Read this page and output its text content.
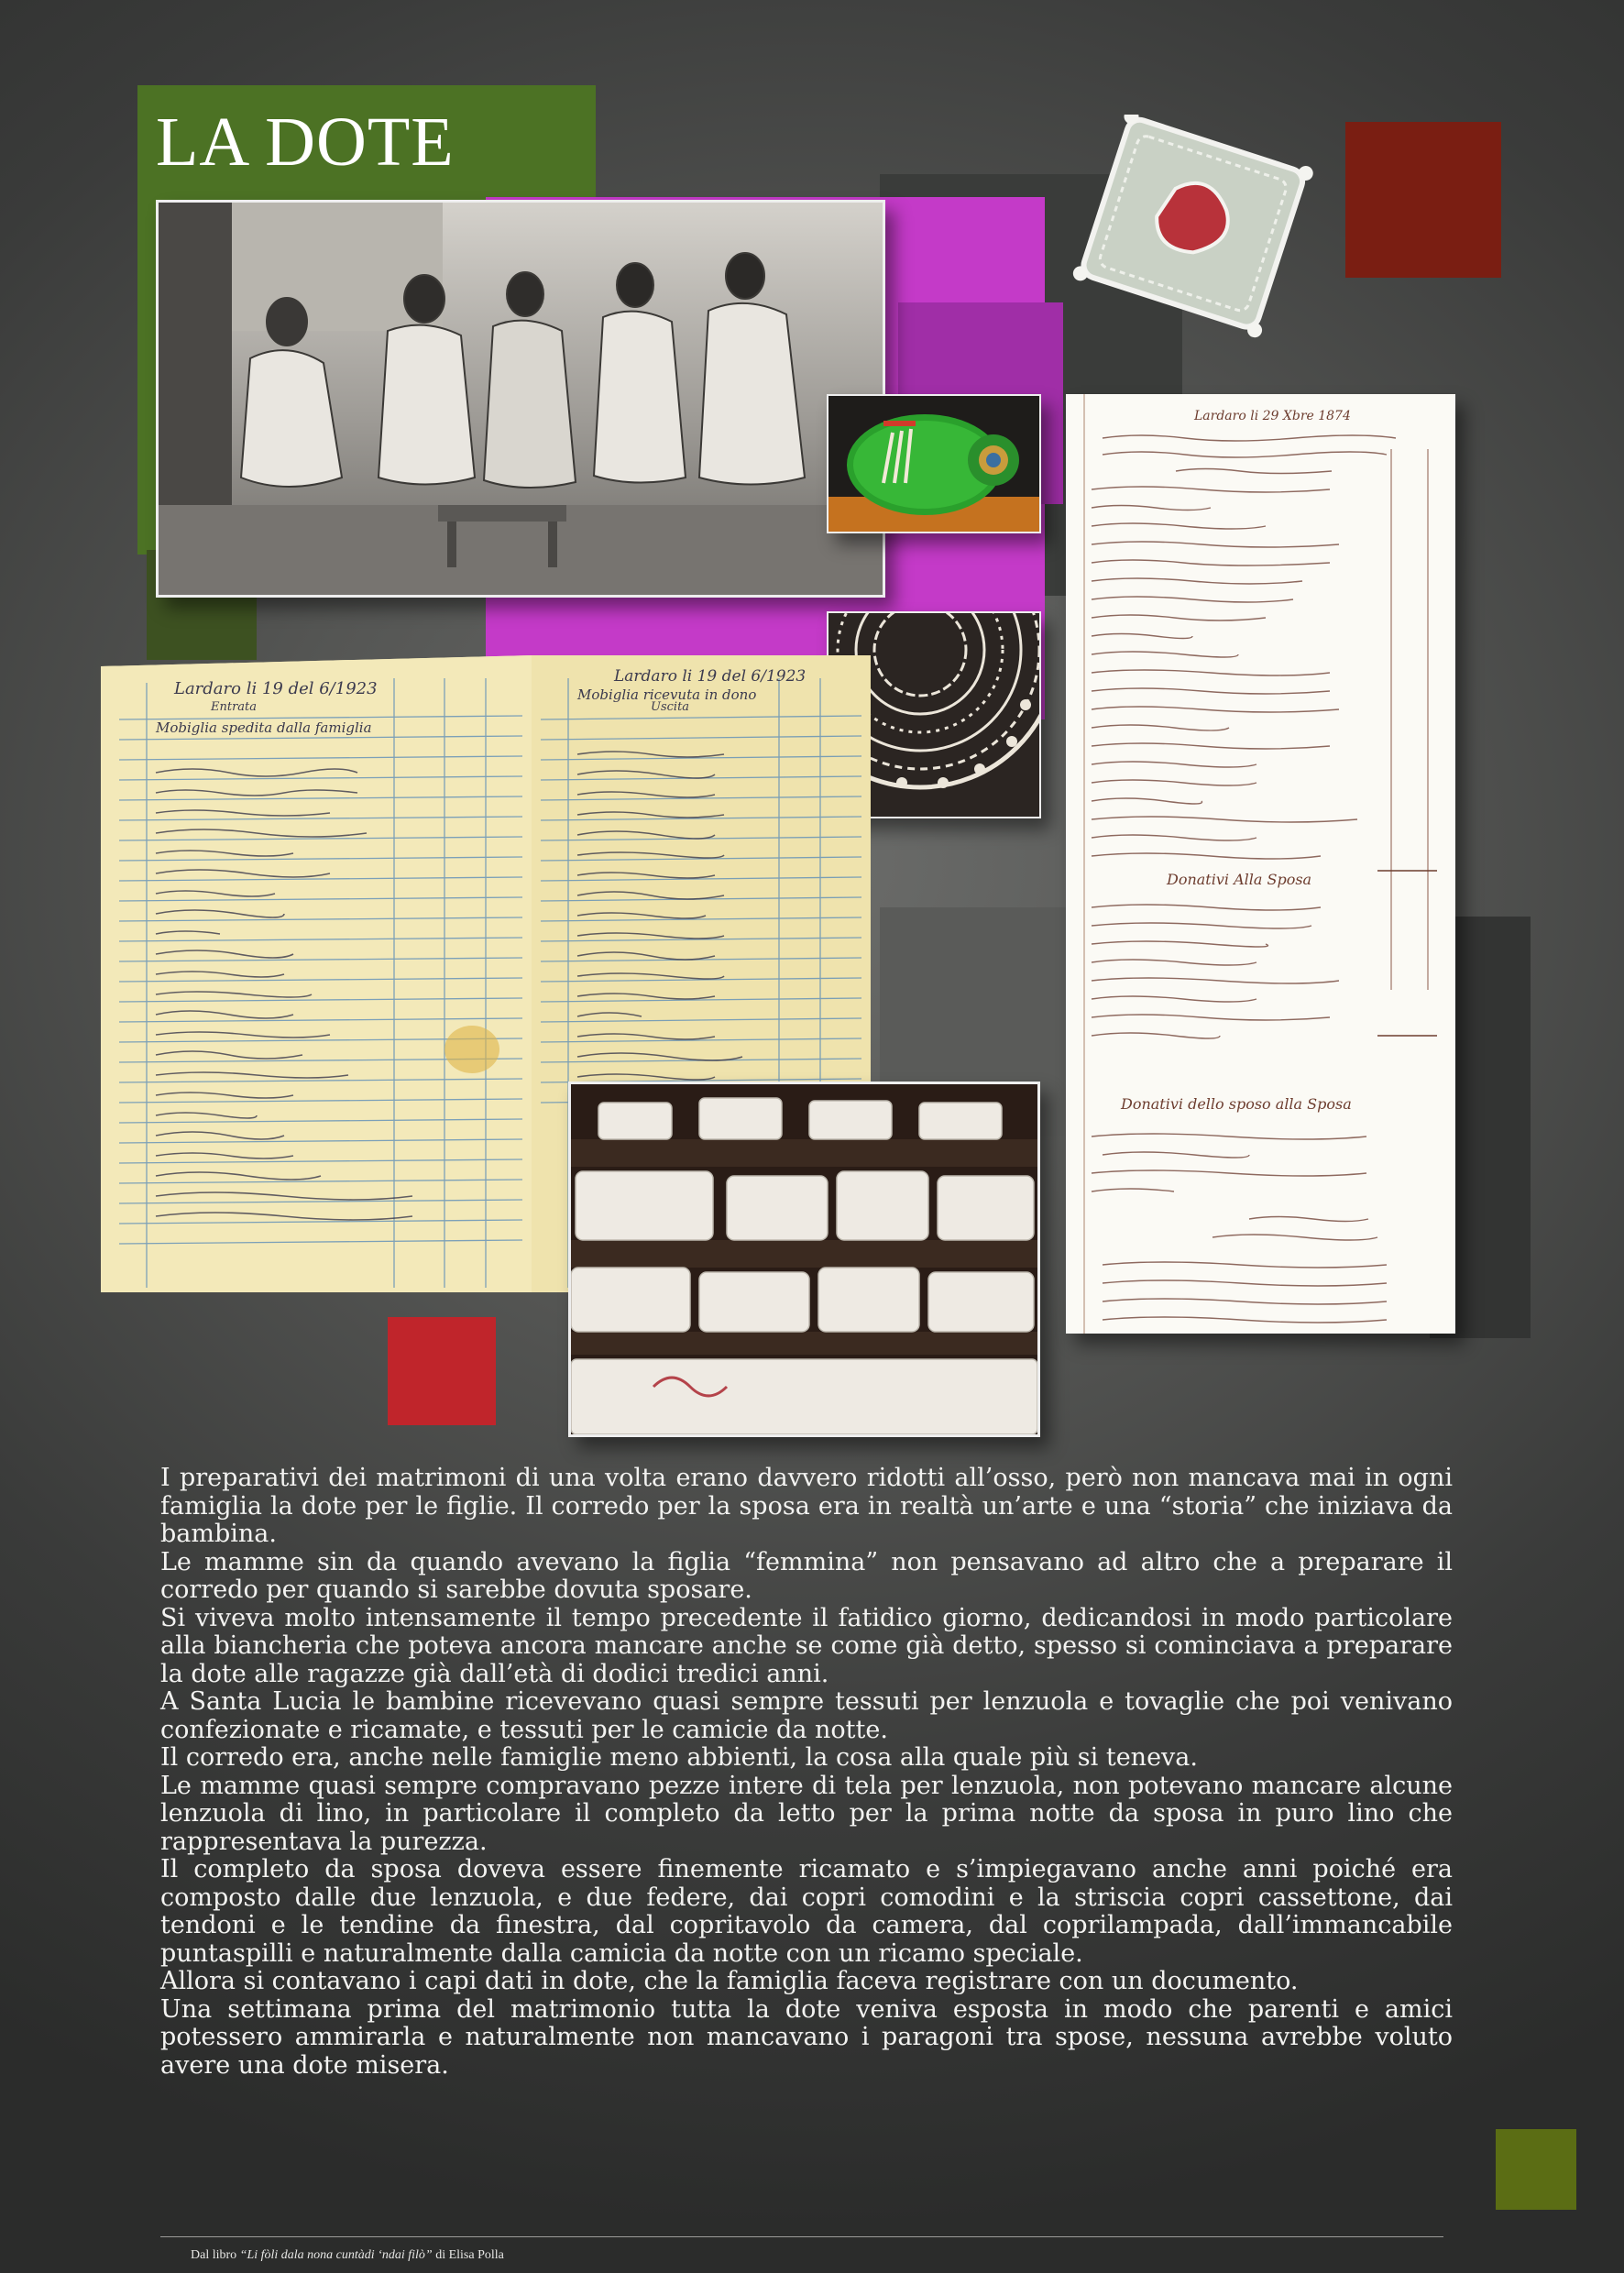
LA DOTE
Lardaro li 19 del 6/1923
Lardaro li 19 del 6/1923
Entrata	Uscita
Mobiglia spedita dalla famiglia
Mobiglia ricevuta in dono
Lardaro li 29 Xbre 1874
Donativi Alla Sposa
Donativi dello sposo alla Sposa

I preparativi dei matrimoni di una volta erano davvero ridotti all’osso, però non mancava mai in ogni famiglia la dote per le figlie. Il corredo per la sposa era in realtà un’arte e una “storia” che iniziava da bambina.

Le mamme sin da quando avevano la figlia “femmina” non pensavano ad altro che a preparare il corredo per quando si sarebbe dovuta sposare.

Si viveva molto intensamente il tempo precedente il fatidico giorno, dedicandosi in modo particolare alla biancheria che poteva ancora mancare anche se come già detto, spesso si cominciava a preparare la dote alle ragazze già dall’età di dodici tredici anni.

A Santa Lucia le bambine ricevevano quasi sempre tessuti per lenzuola e tovaglie che poi venivano confezionate e ricamate, e tessuti per le camicie da notte.

Il corredo era, anche nelle famiglie meno abbienti, la cosa alla quale più si teneva.

Le mamme quasi sempre compravano pezze intere di tela per lenzuola, non potevano mancare alcune lenzuola di lino, in particolare il completo da letto per la prima notte da sposa in puro lino che rappresentava la purezza.

Il completo da sposa doveva essere finemente ricamato e s’impiegavano anche anni poiché era composto dalle due lenzuola, e due federe, dai copri comodini e la striscia copri cassettone, dai tendoni e le tendine da finestra, dal copritavolo da camera, dal coprilampada, dall’immancabile puntaspilli e naturalmente dalla camicia da notte con un ricamo speciale.

Allora si contavano i capi dati in dote, che la famiglia faceva registrare con un documento.

Una settimana prima del matrimonio tutta la dote veniva esposta in modo che parenti e amici potessero ammirarla e naturalmente non mancavano i paragoni tra spose, nessuna avrebbe voluto avere una dote misera.

Dal libro “Li fòli dala nona cuntàdi ‘ndai filò” di Elisa Polla
